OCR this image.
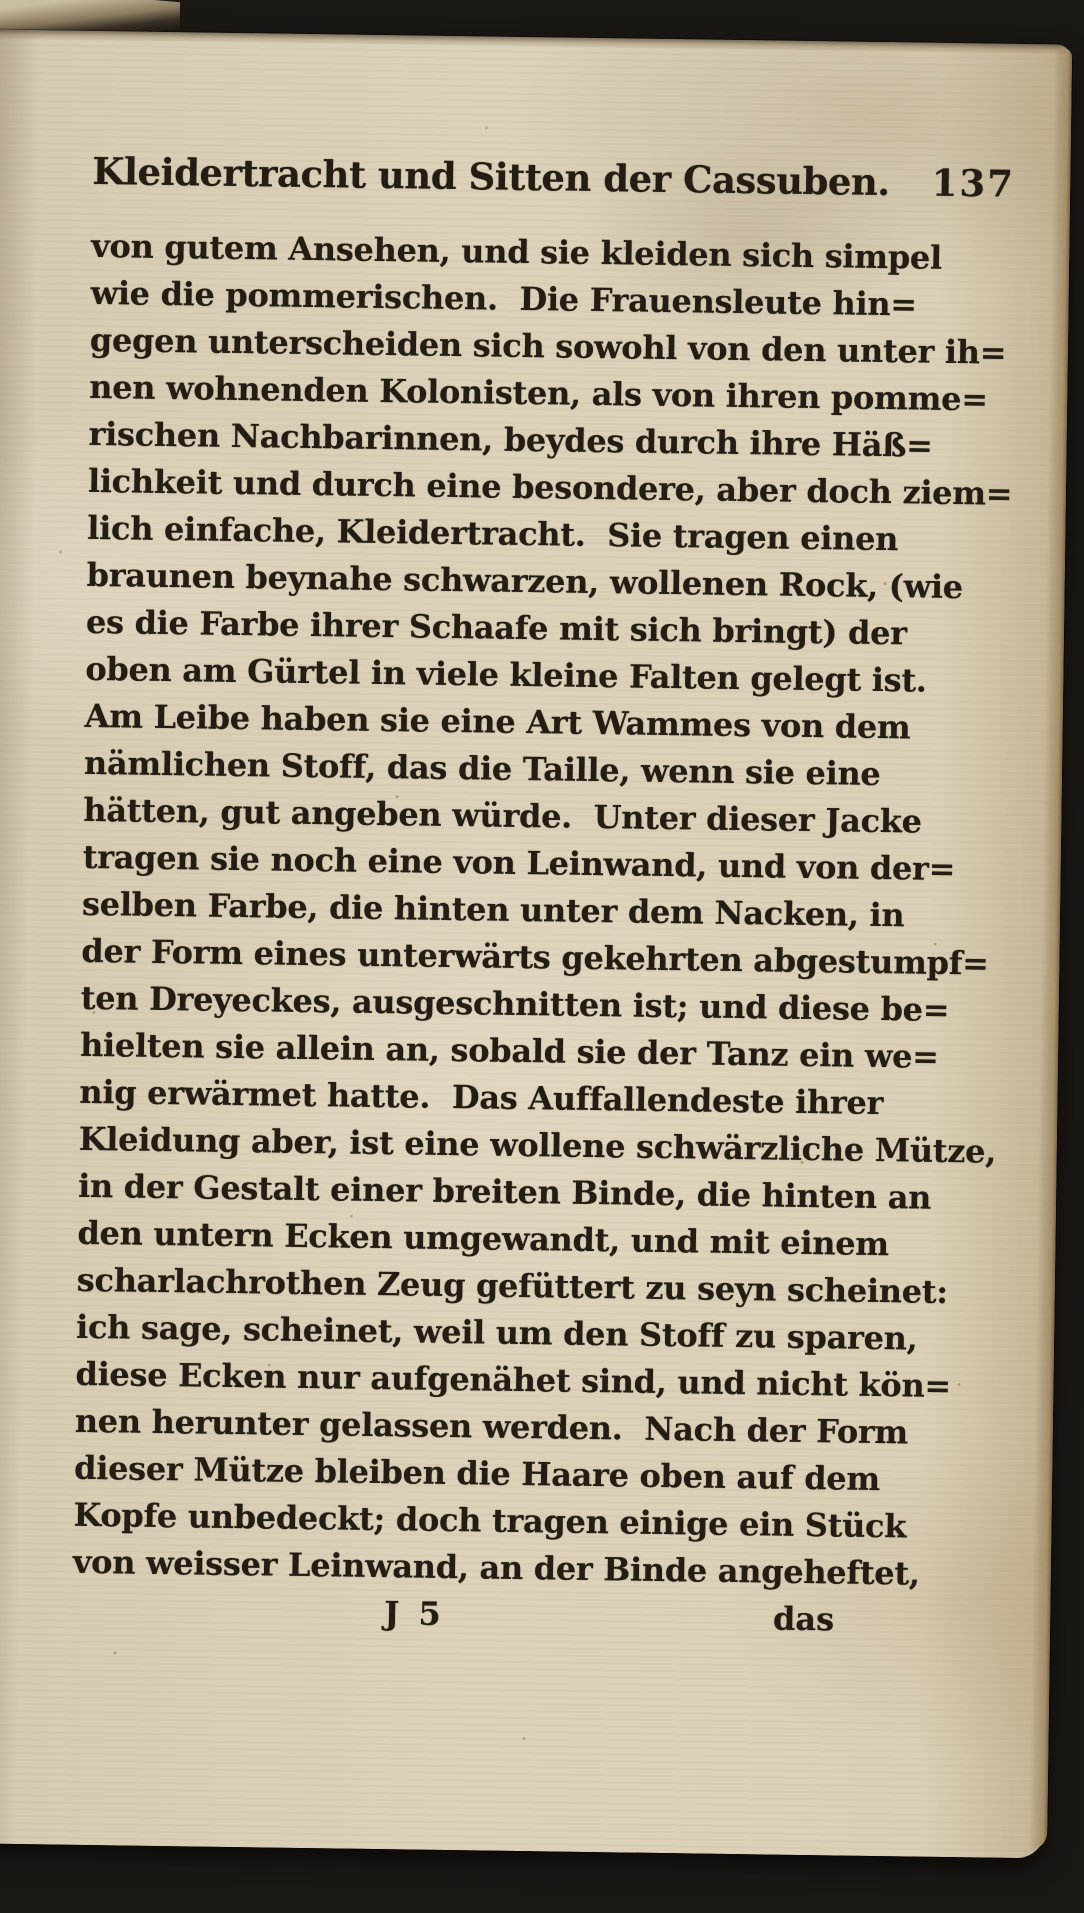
Kleidertracht und Sitten der Cassuben. 137
von gutem Ansehen, und sie kleiden sich simpel
wie die pommerischen.  Die Frauensleute hin=
gegen unterscheiden sich sowohl von den unter ih=
nen wohnenden Kolonisten, als von ihren pomme=
rischen Nachbarinnen, beydes durch ihre Häß=
lichkeit und durch eine besondere, aber doch ziem=
lich einfache, Kleidertracht.  Sie tragen einen
braunen beynahe schwarzen, wollenen Rock, (wie
es die Farbe ihrer Schaafe mit sich bringt) der
oben am Gürtel in viele kleine Falten gelegt ist.
Am Leibe haben sie eine Art Wammes von dem
nämlichen Stoff, das die Taille, wenn sie eine
hätten, gut angeben würde.  Unter dieser Jacke
tragen sie noch eine von Leinwand, und von der=
selben Farbe, die hinten unter dem Nacken, in
der Form eines unterwärts gekehrten abgestumpf=
ten Dreyeckes, ausgeschnitten ist; und diese be=
hielten sie allein an, sobald sie der Tanz ein we=
nig erwärmet hatte.  Das Auffallendeste ihrer
Kleidung aber, ist eine wollene schwärzliche Mütze,
in der Gestalt einer breiten Binde, die hinten an
den untern Ecken umgewandt, und mit einem
scharlachrothen Zeug gefüttert zu seyn scheinet:
ich sage, scheinet, weil um den Stoff zu sparen,
diese Ecken nur aufgenähet sind, und nicht kön=
nen herunter gelassen werden.  Nach der Form
dieser Mütze bleiben die Haare oben auf dem
Kopfe unbedeckt; doch tragen einige ein Stück
von weisser Leinwand, an der Binde angeheftet,
J 5	das
